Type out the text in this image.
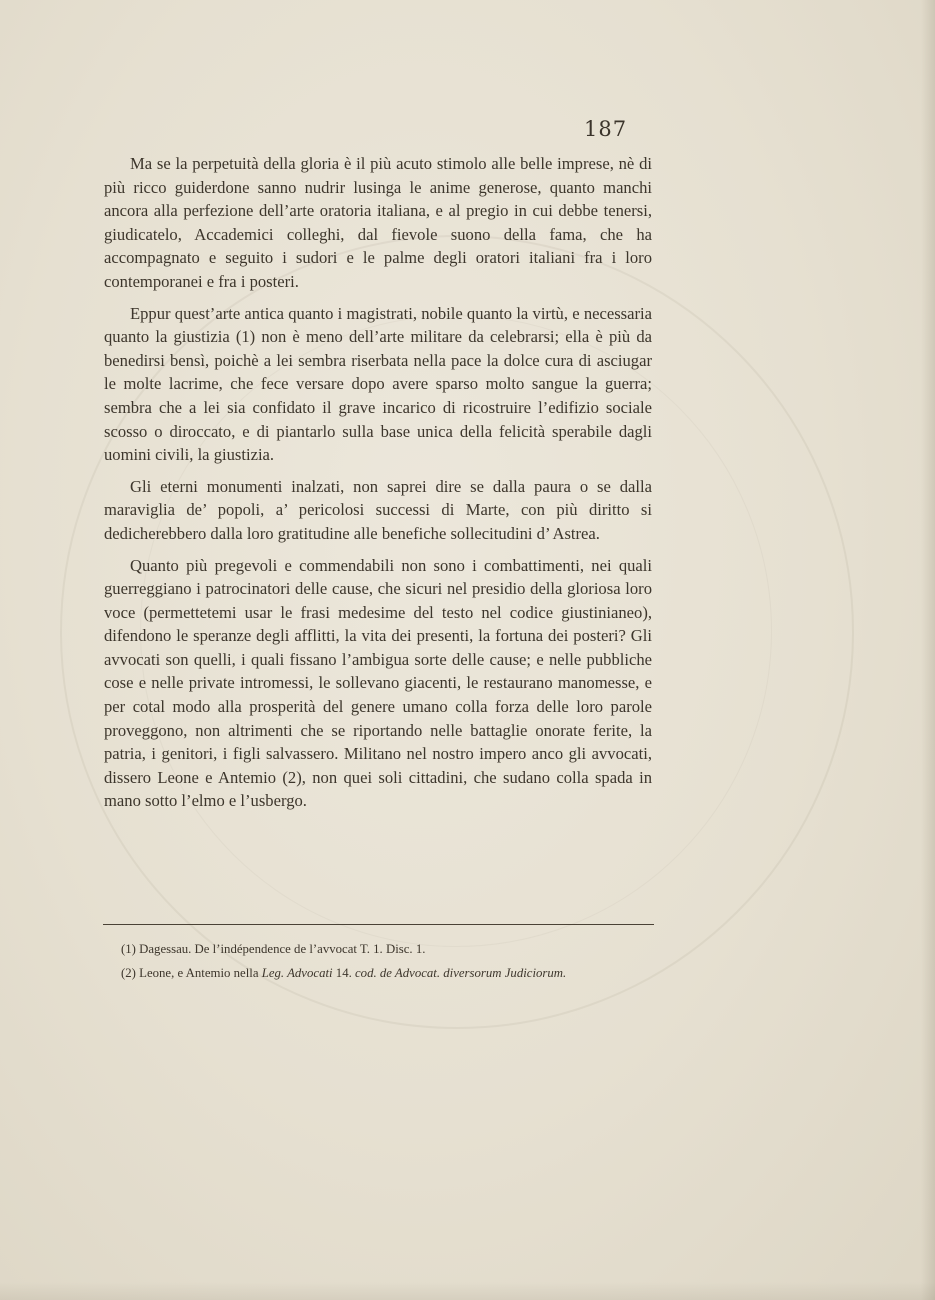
187

Ma se la perpetuità della gloria è il più acuto stimolo alle belle imprese, nè di più ricco guiderdone sanno nudrir lusinga le anime generose, quanto manchi ancora alla perfezione dell’arte oratoria italiana, e al pregio in cui debbe tenersi, giudicatelo, Accademici colleghi, dal fievole suono della fama, che ha accompagnato e seguito i sudori e le palme degli oratori italiani fra i loro contemporanei e fra i posteri.

Eppur quest’arte antica quanto i magistrati, nobile quanto la virtù, e necessaria quanto la giustizia (1) non è meno dell’arte militare da celebrarsi; ella è più da benedirsi bensì, poichè a lei sembra riserbata nella pace la dolce cura di asciugar le molte lacrime, che fece versare dopo avere sparso molto sangue la guerra; sembra che a lei sia confidato il grave incarico di ricostruire l’edifizio sociale scosso o diroccato, e di piantarlo sulla base unica della felicità sperabile dagli uomini civili, la giustizia.

Gli eterni monumenti inalzati, non saprei dire se dalla paura o se dalla maraviglia de’ popoli, a’ pericolosi successi di Marte, con più diritto si dedicherebbero dalla loro gratitudine alle benefiche sollecitudini d’ Astrea.

Quanto più pregevoli e commendabili non sono i combattimenti, nei quali guerreggiano i patrocinatori delle cause, che sicuri nel presidio della gloriosa loro voce (permettetemi usar le frasi medesime del testo nel codice giustinianeo), difendono le speranze degli afflitti, la vita dei presenti, la fortuna dei posteri? Gli avvocati son quelli, i quali fissano l’ambigua sorte delle cause; e nelle pubbliche cose e nelle private intromessi, le sollevano giacenti, le restaurano manomesse, e per cotal modo alla prosperità del genere umano colla forza delle loro parole proveggono, non altrimenti che se riportando nelle battaglie onorate ferite, la patria, i genitori, i figli salvassero. Militano nel nostro impero anco gli avvocati, dissero Leone e Antemio (2), non quei soli cittadini, che sudano colla spada in mano sotto l’elmo e l’usbergo.

(1) Dagessau. De l’indépendence de l’avvocat T. 1. Disc. 1.

(2) Leone, e Antemio nella Leg. Advocati 14. cod. de Advocat. diversorum Judiciorum.
